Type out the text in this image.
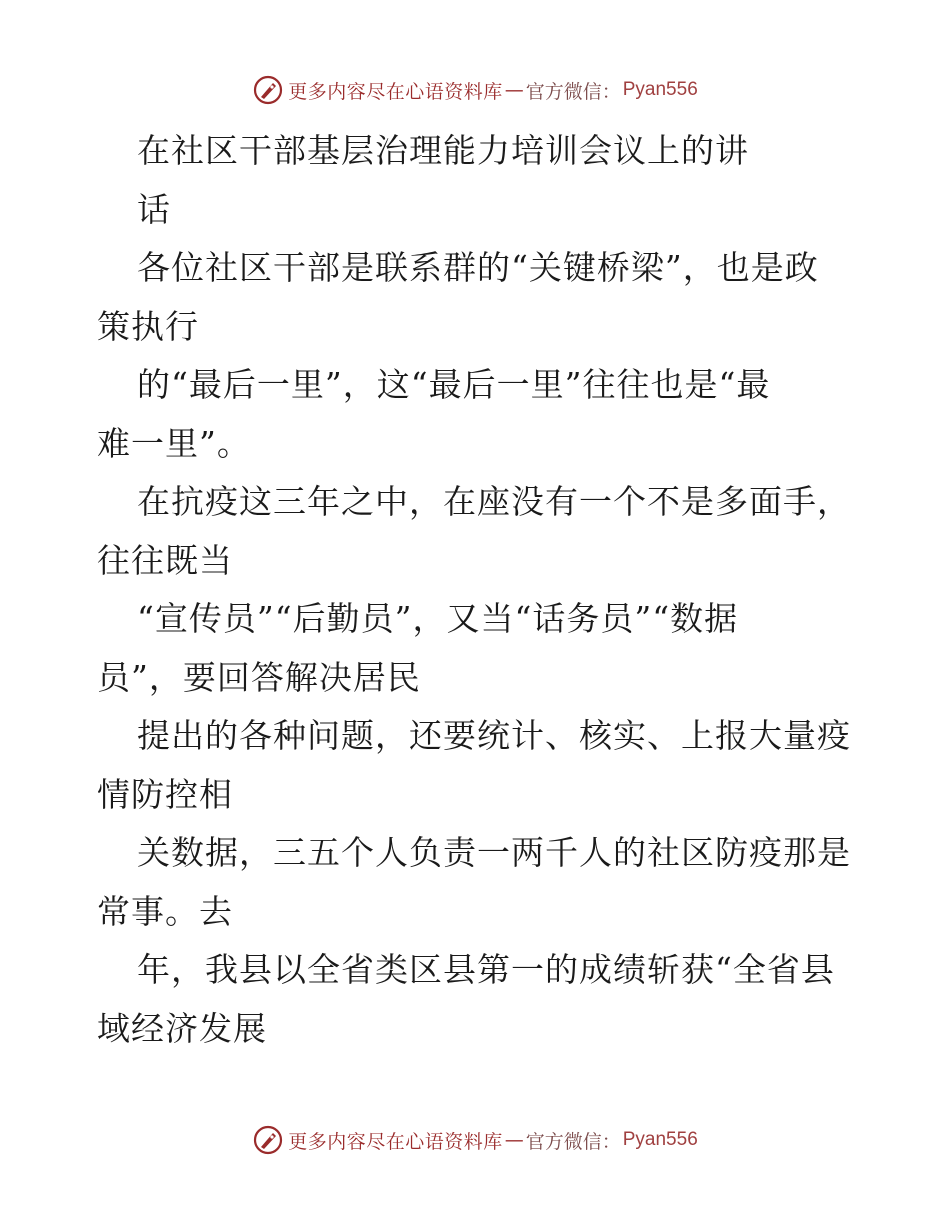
更多内容尽在心语资料库 — 官方微信： Pyan556
在社区干部基层治理能力培训会议上的讲
话
各位社区干部是联系群的“关键桥梁”，也是政
策执行
的“最后一里”，这“最后一里”往往也是“最
难一里”。
在抗疫这三年之中，在座没有一个不是多面手，
往往既当
“宣传员”“后勤员”，又当“话务员”“数据
员”，要回答解决居民
提出的各种问题，还要统计、核实、上报大量疫
情防控相
关数据，三五个人负责一两千人的社区防疫那是
常事。去
年，我县以全省类区县第一的成绩斩获“全省县
域经济发展
更多内容尽在心语资料库 — 官方微信： Pyan556
